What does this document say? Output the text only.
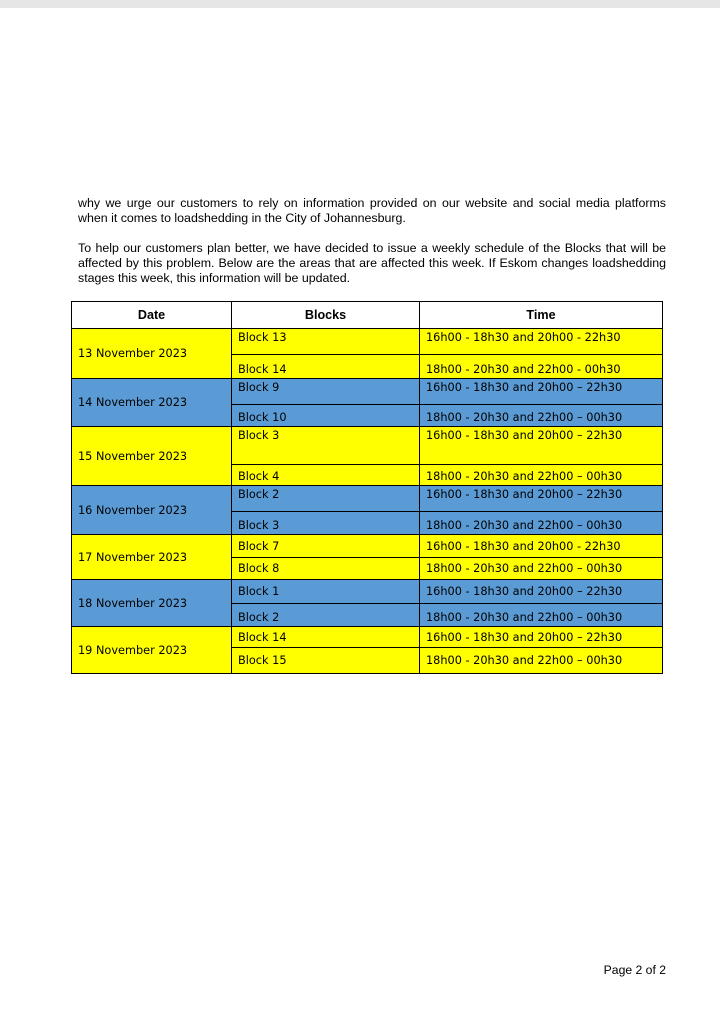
why we urge our customers to rely on information provided on our website and social media platforms when it comes to loadshedding in the City of Johannesburg.

To help our customers plan better, we have decided to issue a weekly schedule of the Blocks that will be affected by this problem. Below are the areas that are affected this week. If Eskom changes loadshedding stages this week, this information will be updated.

Date	Blocks	Time
13 November 2023	Block 13	16h00 - 18h30 and 20h00 - 22h30
	Block 14	18h00 - 20h30 and 22h00 - 00h30
14 November 2023	Block 9	16h00 - 18h30 and 20h00 – 22h30
	Block 10	18h00 - 20h30 and 22h00 – 00h30
15 November 2023	Block 3	16h00 - 18h30 and 20h00 – 22h30
	Block 4	18h00 - 20h30 and 22h00 – 00h30
16 November 2023	Block 2	16h00 - 18h30 and 20h00 – 22h30
	Block 3	18h00 - 20h30 and 22h00 – 00h30
17 November 2023	Block 7	16h00 - 18h30 and 20h00 - 22h30
	Block 8	18h00 - 20h30 and 22h00 – 00h30
18 November 2023	Block 1	16h00 - 18h30 and 20h00 – 22h30
	Block 2	18h00 - 20h30 and 22h00 – 00h30
19 November 2023	Block 14	16h00 - 18h30 and 20h00 – 22h30
	Block 15	18h00 - 20h30 and 22h00 – 00h30

Page 2 of 2
